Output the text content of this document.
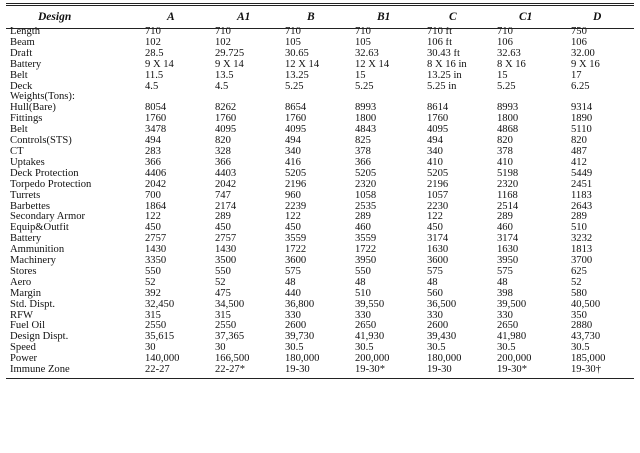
Design	A	A1	B	B1	C	C1	D
Length	710	710	710	710	710 ft	710	750
Beam	102	102	105	105	106 ft	106	106
Draft	28.5	29.725	30.65	32.63	30.43 ft	32.63	32.00
Battery	9 X 14	9 X 14	12 X 14	12 X 14	8 X 16 in	8 X 16	9 X 16
Belt	11.5	13.5	13.25	15	13.25 in	15	17
Deck	4.5	4.5	5.25	5.25	5.25 in	5.25	6.25
Weights(Tons):							
Hull(Bare)	8054	8262	8654	8993	8614	8993	9314
Fittings	1760	1760	1760	1800	1760	1800	1890
Belt	3478	4095	4095	4843	4095	4868	5110
Controls(STS)	494	820	494	825	494	820	820
CT	283	328	340	378	340	378	487
Uptakes	366	366	416	366	410	410	412
Deck Protection	4406	4403	5205	5205	5205	5198	5449
Torpedo Protection	2042	2042	2196	2320	2196	2320	2451
Turrets	700	747	960	1058	1057	1168	1183
Barbettes	1864	2174	2239	2535	2230	2514	2643
Secondary Armor	122	289	122	289	122	289	289
Equip&Outfit	450	450	450	460	450	460	510
Battery	2757	2757	3559	3559	3174	3174	3232
Ammunition	1430	1430	1722	1722	1630	1630	1813
Machinery	3350	3500	3600	3950	3600	3950	3700
Stores	550	550	575	550	575	575	625
Aero	52	52	48	48	48	48	52
Margin	392	475	440	510	560	398	580
Std. Dispt.	32,450	34,500	36,800	39,550	36,500	39,500	40,500
RFW	315	315	330	330	330	330	350
Fuel Oil	2550	2550	2600	2650	2600	2650	2880
Design Dispt.	35,615	37,365	39,730	41,930	39,430	41,980	43,730
Speed	30	30	30.5	30.5	30.5	30.5	30.5
Power	140,000	166,500	180,000	200,000	180,000	200,000	185,000
Immune Zone	22-27	22-27*	19-30	19-30*	19-30	19-30*	19-30†
